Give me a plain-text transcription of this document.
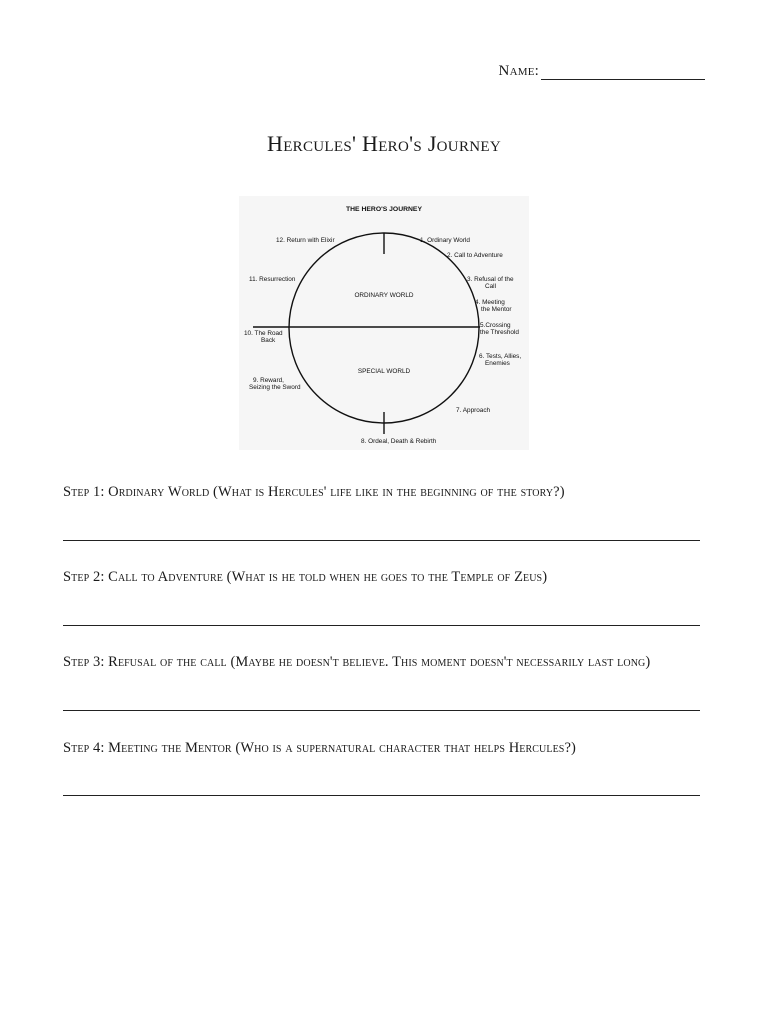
Name:
Hercules' Hero's Journey
THE HERO'S JOURNEY
ORDINARY WORLD
SPECIAL WORLD
1. Ordinary World
2. Call to Adventure
3. Refusal of the
Call
4. Meeting
the Mentor
5.Crossing
the Threshold
6. Tests, Allies,
Enemies
7. Approach
8. Ordeal, Death & Rebirth
9. Reward,
Seizing the Sword
10. The Road
Back
11. Resurrection
12. Return with Elixir
Step 1: Ordinary World (What is Hercules' life like in the beginning of the story?)
Step 2: Call to Adventure (What is he told when he goes to the Temple of Zeus)
Step 3: Refusal of the call (Maybe he doesn't believe. This moment doesn't necessarily last long)
Step 4: Meeting the Mentor (Who is a supernatural character that helps Hercules?)
